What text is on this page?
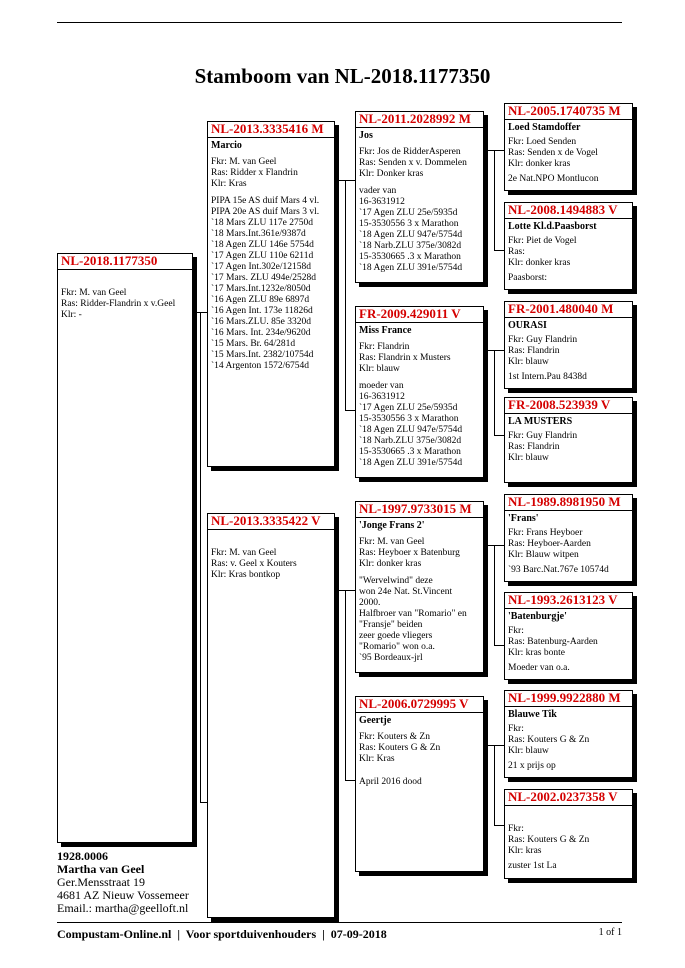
Stamboom van NL-2018.1177350
NL-2018.1177350
Fkr: M. van Geel
Ras: Ridder-Flandrin x v.Geel
Klr: -
NL-2013.3335416 M
Marcio
Fkr: M. van Geel
Ras: Ridder x Flandrin
Klr: Kras
PIPA 15e AS duif Mars 4 vl.
PIPA 20e AS duif Mars 3 vl.
`18 Mars ZLU 117e 2750d
`18 Mars.Int.361e/9387d
`18 Agen ZLU 146e 5754d
`17 Agen ZLU 110e 6211d
`17 Agen Int.302e/12158d
`17 Mars. ZLU 494e/2528d
`17 Mars.Int.1232e/8050d
`16 Agen ZLU 89e 6897d
`16 Agen Int. 173e 11826d
`16 Mars.ZLU. 85e 3320d
`16 Mars. Int. 234e/9620d
`15 Mars. Br. 64/281d
`15 Mars.Int. 2382/10754d
`14 Argenton 1572/6754d
NL-2013.3335422 V
Fkr: M. van Geel
Ras: v. Geel x Kouters
Klr: Kras bontkop
NL-2011.2028992 M
Jos
Fkr: Jos de RidderAsperen
Ras: Senden x v. Dommelen
Klr: Donker kras
vader van
16-3631912
`17 Agen ZLU 25e/5935d
15-3530556 3 x Marathon
`18 Agen ZLU 947e/5754d
`18 Narb.ZLU 375e/3082d
15-3530665 .3 x Marathon
`18 Agen ZLU 391e/5754d
FR-2009.429011 V
Miss France
Fkr: Flandrin
Ras: Flandrin x Musters
Klr: blauw
moeder van
16-3631912
`17 Agen ZLU 25e/5935d
15-3530556 3 x Marathon
`18 Agen ZLU 947e/5754d
`18 Narb.ZLU 375e/3082d
15-3530665 .3 x Marathon
`18 Agen ZLU 391e/5754d
NL-1997.9733015 M
'Jonge Frans 2'
Fkr: M. van Geel
Ras: Heyboer x Batenburg
Klr: donker kras
"Wervelwind" deze
won 24e Nat. St.Vincent
2000.
Halfbroer van "Romario" en
"Fransje" beiden
zeer goede vliegers
"Romario" won o.a.
`95 Bordeaux-jrl
NL-2006.0729995 V
Geertje
Fkr: Kouters & Zn
Ras: Kouters G & Zn
Klr: Kras
April 2016 dood
NL-2005.1740735 M
Loed Stamdoffer
Fkr: Loed Senden
Ras: Senden x de Vogel
Klr: donker kras
2e Nat.NPO Montlucon
NL-2008.1494883 V
Lotte Kl.d.Paasborst
Fkr: Piet de Vogel
Ras:
Klr: donker kras
Paasborst:
FR-2001.480040 M
OURASI
Fkr: Guy Flandrin
Ras: Flandrin
Klr: blauw
1st Intern.Pau 8438d
FR-2008.523939 V
LA MUSTERS
Fkr: Guy Flandrin
Ras: Flandrin
Klr: blauw
NL-1989.8981950 M
'Frans'
Fkr: Frans Heyboer
Ras: Heyboer-Aarden
Klr: Blauw witpen
`93 Barc.Nat.767e 10574d
NL-1993.2613123 V
'Batenburgje'
Fkr:
Ras: Batenburg-Aarden
Klr: kras bonte
Moeder van o.a.
NL-1999.9922880 M
Blauwe Tik
Fkr:
Ras: Kouters G & Zn
Klr: blauw
21 x prijs op
NL-2002.0237358 V
Fkr:
Ras: Kouters G & Zn
Klr: kras
zuster 1st La
1928.0006
Martha van Geel
Ger.Mensstraat 19
4681 AZ Nieuw Vossemeer
Email.: martha@geelloft.nl
Compustam-Online.nl  |  Voor sportduivenhouders  |  07-09-2018	1 of 1
